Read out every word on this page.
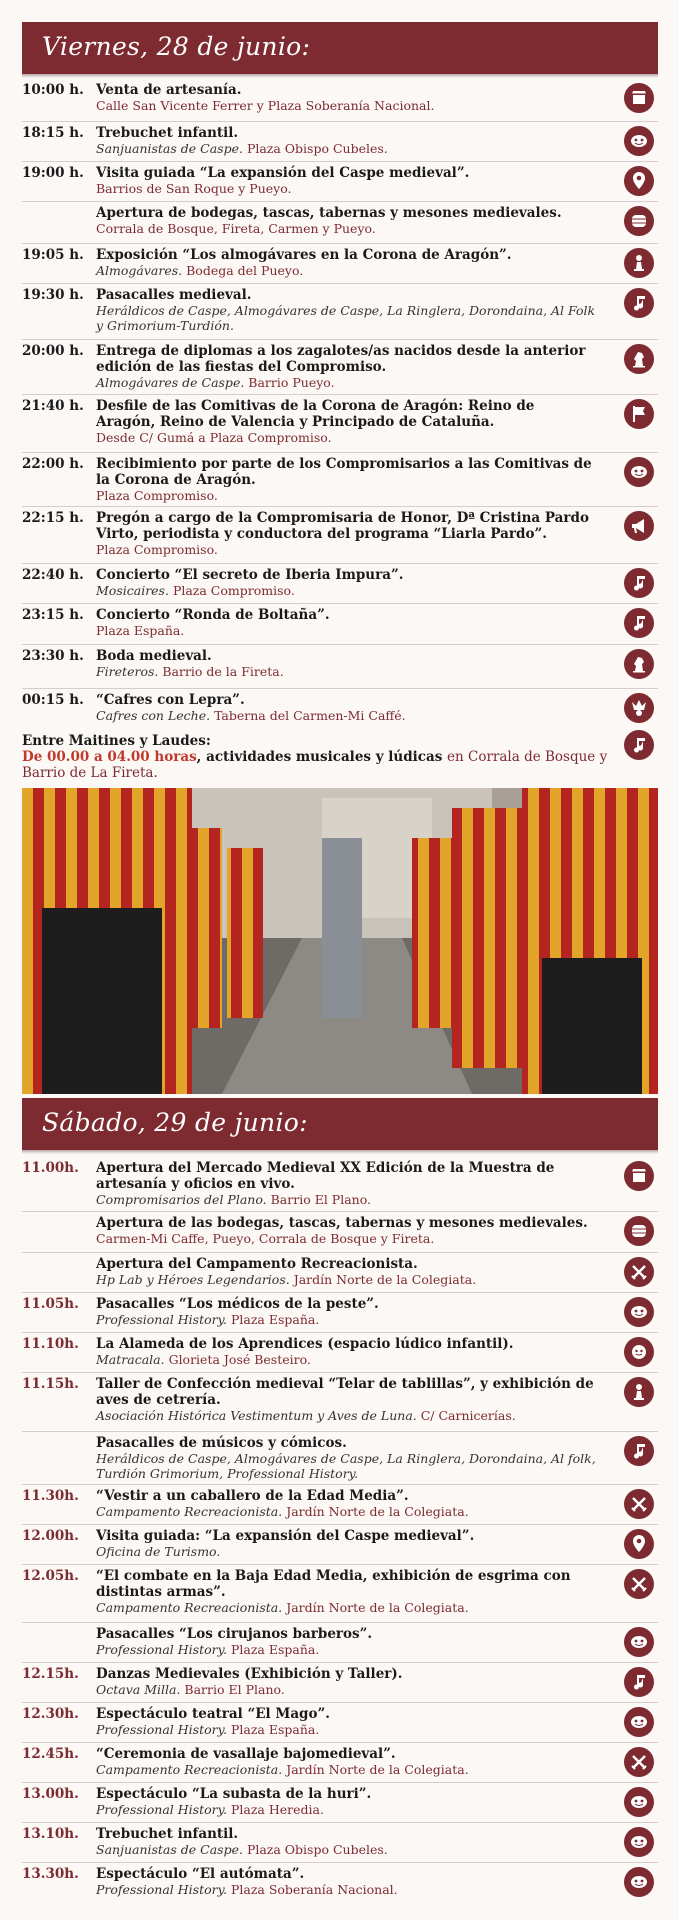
Viernes, 28 de junio:
10:00 h. Venta de artesanía.

Calle San Vicente Ferrer y Plaza Soberanía Nacional.

18:15 h. Trebuchet infantil.

Sanjuanistas de Caspe. Plaza Obispo Cubeles.

19:00 h. Visita guiada “La expansión del Caspe medieval”.

Barrios de San Roque y Pueyo.

Apertura de bodegas, tascas, tabernas y mesones medievales.

Corrala de Bosque, Fireta, Carmen y Pueyo.

19:05 h. Exposición “Los almogávares en la Corona de Aragón”.

Almogávares. Bodega del Pueyo.

19:30 h. Pasacalles medieval.

Heráldicos de Caspe, Almogávares de Caspe, La Ringlera, Dorondaina, Al Folk y Grimorium-Turdión.

20:00 h. Entrega de diplomas a los zagalotes/as nacidos desde la anterior edición de las fiestas del Compromiso.

Almogávares de Caspe. Barrio Pueyo.

21:40 h. Desfile de las Comitivas de la Corona de Aragón: Reino de Aragón, Reino de Valencia y Principado de Cataluña.

Desde C/ Gumá a Plaza Compromiso.

22:00 h. Recibimiento por parte de los Compromisarios a las Comitivas de la Corona de Aragón.

Plaza Compromiso.

22:15 h. Pregón a cargo de la Compromisaria de Honor, Dª Cristina Pardo Virto, periodista y conductora del programa “Liarla Pardo”.

Plaza Compromiso.

22:40 h. Concierto “El secreto de Iberia Impura”.

Mosicaires. Plaza Compromiso.

23:15 h. Concierto “Ronda de Boltaña”.

Plaza España.

23:30 h. Boda medieval.

Fireteros. Barrio de la Fireta.

00:15 h. “Cafres con Lepra”.

Cafres con Leche. Taberna del Carmen-Mi Caffé.

Entre Maitines y Laudes:
De 00.00 a 04.00 horas, actividades musicales y lúdicas en Corrala de Bosque y Barrio de La Fireta.
Sábado, 29 de junio:
11.00h. Apertura del Mercado Medieval XX Edición de la Muestra de artesanía y oficios en vivo.

Compromisarios del Plano. Barrio El Plano.

Apertura de las bodegas, tascas, tabernas y mesones medievales.

Carmen-Mi Caffe, Pueyo, Corrala de Bosque y Fireta.

Apertura del Campamento Recreacionista.

Hp Lab y Héroes Legendarios. Jardín Norte de la Colegiata.

11.05h. Pasacalles “Los médicos de la peste”.

Professional History. Plaza España.

11.10h. La Alameda de los Aprendices (espacio lúdico infantil).

Matracala. Glorieta José Besteiro.

11.15h. Taller de Confección medieval “Telar de tablillas”, y exhibición de aves de cetrería.

Asociación Histórica Vestimentum y Aves de Luna. C/ Carnicerías.

Pasacalles de músicos y cómicos.

Heráldicos de Caspe, Almogávares de Caspe, La Ringlera, Dorondaina, Al folk, Turdión Grimorium, Professional History.

11.30h. “Vestir a un caballero de la Edad Media”.

Campamento Recreacionista. Jardín Norte de la Colegiata.

12.00h. Visita guiada: “La expansión del Caspe medieval”.

Oficina de Turismo.

12.05h. “El combate en la Baja Edad Media, exhibición de esgrima con distintas armas”.

Campamento Recreacionista. Jardín Norte de la Colegiata.

Pasacalles “Los cirujanos barberos”.

Professional History. Plaza España.

12.15h. Danzas Medievales (Exhibición y Taller).

Octava Milla. Barrio El Plano.

12.30h. Espectáculo teatral “El Mago”.

Professional History. Plaza España.

12.45h. “Ceremonia de vasallaje bajomedieval”.

Campamento Recreacionista. Jardín Norte de la Colegiata.

13.00h. Espectáculo “La subasta de la huri”.

Professional History. Plaza Heredia.

13.10h. Trebuchet infantil.

Sanjuanistas de Caspe. Plaza Obispo Cubeles.

13.30h. Espectáculo “El autómata”.

Professional History. Plaza Soberanía Nacional.
